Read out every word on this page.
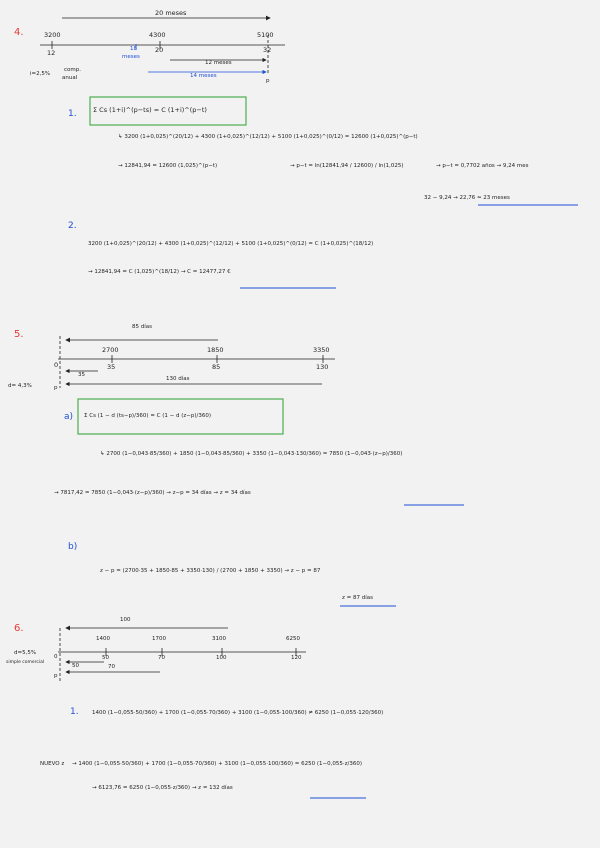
4.
20 meses
3200	4300	5100
12	20	32
18
meses
12 meses
14 meses
p
i=2,5%
comp.
anual
1.	Σ Cs (1+i)^(p−ts) = C (1+i)^(p−t)
↳ 3200 (1+0,025)^(20/12) + 4300 (1+0,025)^(12/12) + 5100 (1+0,025)^(0/12) = 12600 (1+0,025)^(p−t)
→ 12841,94 = 12600 (1,025)^(p−t)	→ p−t = ln(12841,94 / 12600) / ln(1,025)	→ p−t = 0,7702 años → 9,24 mes
32 − 9,24 → 22,76 ≃ 23 meses
2.
3200 (1+0,025)^(20/12) + 4300 (1+0,025)^(12/12) + 5100 (1+0,025)^(0/12) = C (1+0,025)^(18/12)
→ 12841,94 = C (1,025)^(18/12) → C = 12477,27 €
5.
85 días
2700	1850	3350
0	35	85	130
35
130 días
p
d= 4,3%
a) Σ Cs (1 − d (ts−p)/360) = C (1 − d (z−p)/360)
↳ 2700 (1−0,043·85/360) + 1850 (1−0,043·85/360) + 3350 (1−0,043·130/360) = 7850 (1−0,043·(z−p)/360)
→ 7817,42 = 7850 (1−0,043·(z−p)/360) → z−p = 34 días → z = 34 días
b)
z − p = (2700·35 + 1850·85 + 3350·130) / (2700 + 1850 + 3350) → z − p = 87
z = 87 días
6.
100
1400	1700	3100	6250
0	50	70	100	120
50	70
p
d=5,5%
simple comercial
1. 1400 (1−0,055·50/360) + 1700 (1−0,055·70/360) + 3100 (1−0,055·100/360) ≠ 6250 (1−0,055·120/360)
NUEVO z → 1400 (1−0,055·50/360) + 1700 (1−0,055·70/360) + 3100 (1−0,055·100/360) = 6250 (1−0,055·z/360)
→ 6123,76 = 6250 (1−0,055·z/360) → z = 132 días
